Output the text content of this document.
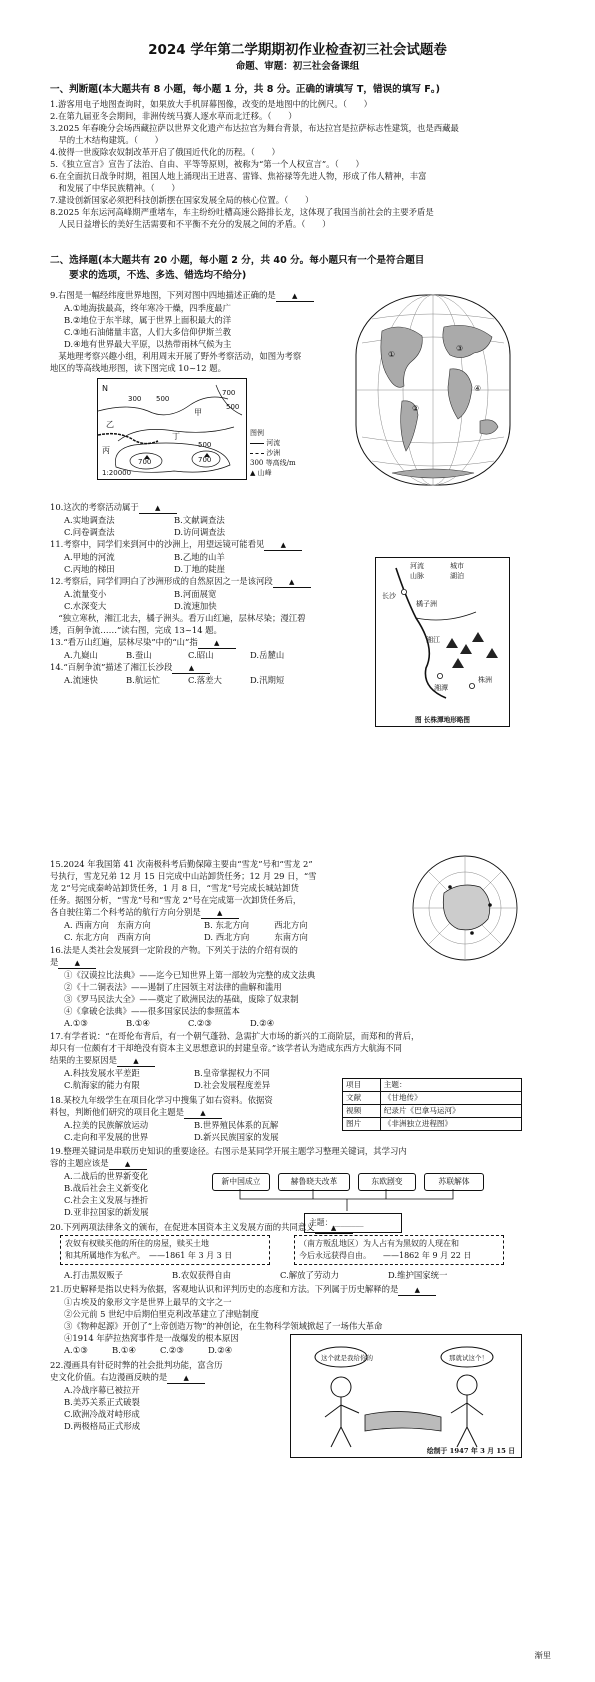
2024 学年第二学期期初作业检查初三社会试题卷
命题、审题：初三社会备课组
一、判断题(本大题共有 8 小题，每小题 1 分，共 8 分。正确的请填写 T，错误的填写 F。)
1.游客用电子地图查询时，如果放大手机屏幕图像，改变的是地图中的比例尺。（　　）
2.在第九届亚冬会期间，非洲传统马赛人逐水草而北迁移。（　　）
3.2025 年春晚分会场西藏拉萨以世界文化遗产布达拉宫为舞台背景，布达拉宫是拉萨标志性建筑，也是西藏最
　早的土木结构建筑。（　　）
4.彼得一世废除农奴制改革开启了俄国近代化的历程。（　　）
5.《独立宣言》宣告了法治、自由、平等等原则，被称为“第一个人权宣言”。（　　）
6.在全面抗日战争时期，祖国人地上涌现出王进喜、雷锋、焦裕禄等先进人物，形成了伟人精神，丰富
　和发展了中华民族精神。（　　）
7.建设创新国家必须把科技创新摆在国家发展全局的核心位置。（　　）
8.2025 年东运河高峰期严重堵车，车主纷纷吐槽高速公路排长龙，这体现了我国当前社会的主要矛盾是
　人民日益增长的美好生活需要和不平衡不充分的发展之间的矛盾。（　　）
二、选择题(本大题共有 20 小题，每小题 2 分，共 40 分。每小题只有一个是符合题目
　　要求的选项，不选、多选、错选均不给分)
9.右图是一幅经纬度世界地图，下列对图中四地描述正确的是 ▲
A.①地海拔最高，终年寒冷干燥，四季度最广
B.②地位于东半球，属于世界上面积最大的洋
C.③地石油储量丰富，人们大多信仰伊斯兰教
D.④地有世界最大平原，以热带雨林气候为主
　某地理考察兴趣小组，利用周末开展了野外考察活动，如图为考察
地区的等高线地形图，读下图完成 10~12 题。
①
②
③
④
N
乙
甲
丙
丁
300 500
700
500
700	700
500
1:20000
图例
河流
沙洲
300 等高线/m
▲ 山峰
10.这次的考察活动属于 ▲
A.实地调查法	B.文献调查法
C.问卷调查法	D.访问调查法
11.考察中，同学们来到河中的沙洲上，用望远镜可能看见 ▲
A.甲地的河流	B.乙地的山羊
C.丙地的梯田	D.丁地的陡崖
12.考察后，同学们明白了沙洲形成的自然原因之一是该河段 ▲
A.流量变小	B.河面展宽
C.水深变大	D.流速加快
　“独立寒秋，湘江北去，橘子洲头。看万山红遍，层林尽染；漫江碧
透，百舸争流……”读右图，完成 13~14 题。
13.“看万山红遍，层林尽染”中的“山”指 ▲
A.九嶷山	B.蚕山	C.昭山	D.岳麓山
14.“百舸争流”描述了湘江长沙段 ▲
A.流速快	B.航运忙	C.落差大	D.汛期短
河流	城市
山脉	湖泊
长沙
橘子洲
株洲
湘潭
湘江
图 长株潭地形略图
15.2024 年我国第 41 次南极科考后勤保障主要由“雪龙”号和“雪龙 2”
号执行，雪龙兄弟 12 月 15 日完成中山站卸货任务；12 月 29 日，“雪
龙 2”号完成秦岭站卸货任务，1 月 8 日，“雪龙”号完成长城站卸货
任务。据图分析，“雪龙”号和“雪龙 2”号在完成第一次卸货任务后，
各自驶往第二个科考站的航行方向分别是 ▲
A. 西南方向　东南方向	B. 东北方向　　　西北方向
C. 东北方向　西南方向	D. 西北方向　　　东南方向
16.法是人类社会发展到一定阶段的产物。下列关于法的介绍有误的
是 ▲
①《汉谟拉比法典》——迄今已知世界上第一部较为完整的成文法典
②《十二铜表法》——遏制了庄园领主对法律的曲解和滥用
③《罗马民法大全》——奠定了欧洲民法的基础，废除了奴隶制
④《拿破仑法典》——很多国家民法的参照蓝本
A.①③	B.①④	C.②③	D.②④
17.有学者说：“在哥伦布背后，有一个朝气蓬勃、急需扩大市场的新兴的工商阶层，而郑和的背后，
却只有一位颇有才干却绝没有资本主义思想意识的封建皇帝。”该学者认为造成东西方大航海不同
结果的主要原因是 ▲
A.科技发展水平差距	B.皇帝掌握权力不同
C.航海家的能力有限	D.社会发展程度差异
18.某校九年级学生在项目化学习中搜集了如右资料。依据资
料包，判断他们研究的项目化主题是 ▲
A.拉美的民族解放运动	B.世界殖民体系的瓦解
C.走向和平发展的世界	D.新兴民族国家的发展
项目	主题：
文献	《甘地传》
视频	纪录片《巴拿马运河》
图片	《非洲独立进程图》
19.整理关键词是串联历史知识的重要途径。右图示是某同学开展主题学习整理关键词，其学习内
容的主题应该是 ▲
A.二战后的世界新变化
B.战后社会主义新变化
C.社会主义发展与挫折
D.亚非拉国家的新发展
新中国成立	赫鲁晓夫改革	东欧剧变	苏联解体
主题：________
20.下列两项法律条文的颁布，在促进本国资本主义发展方面的共同意义 ▲
农奴有权赎买他的所住的房屋，赎买土地
和其所属地作为私产。　——1861 年 3 月 3 日
（南方叛乱地区）为人占有为黑奴的人现在和
今后永远获得自由。　　——1862 年 9 月 22 日
A.打击黑奴贩子	B.农奴获得自由	C.解放了劳动力	D.维护国家统一
21.历史解释是指以史料为依据，客观地认识和评判历史的态度和方法。下列属于历史解释的是 ▲
①古埃及的象形文字是世界上最早的文字之一
②公元前 5 世纪中后期伯里克利改革建立了津贴制度
③《物种起源》开创了“上帝创造万物”的神创论，在生物科学领域掀起了一场伟大革命
④1914 年萨拉热窝事件是一战爆发的根本原因
A.①③	B.①④	C.②③	D.②④
22.漫画具有针砭时弊的社会批判功能，富含历
史文化价值。右边漫画反映的是 ▲
A.冷战序幕已被拉开
B.美苏关系正式破裂
C.欧洲冷战对峙形成
D.两极格局正式形成
这个就是我给你的	那就试这个！
绘制于 1947 年 3 月 15 日
渐里
